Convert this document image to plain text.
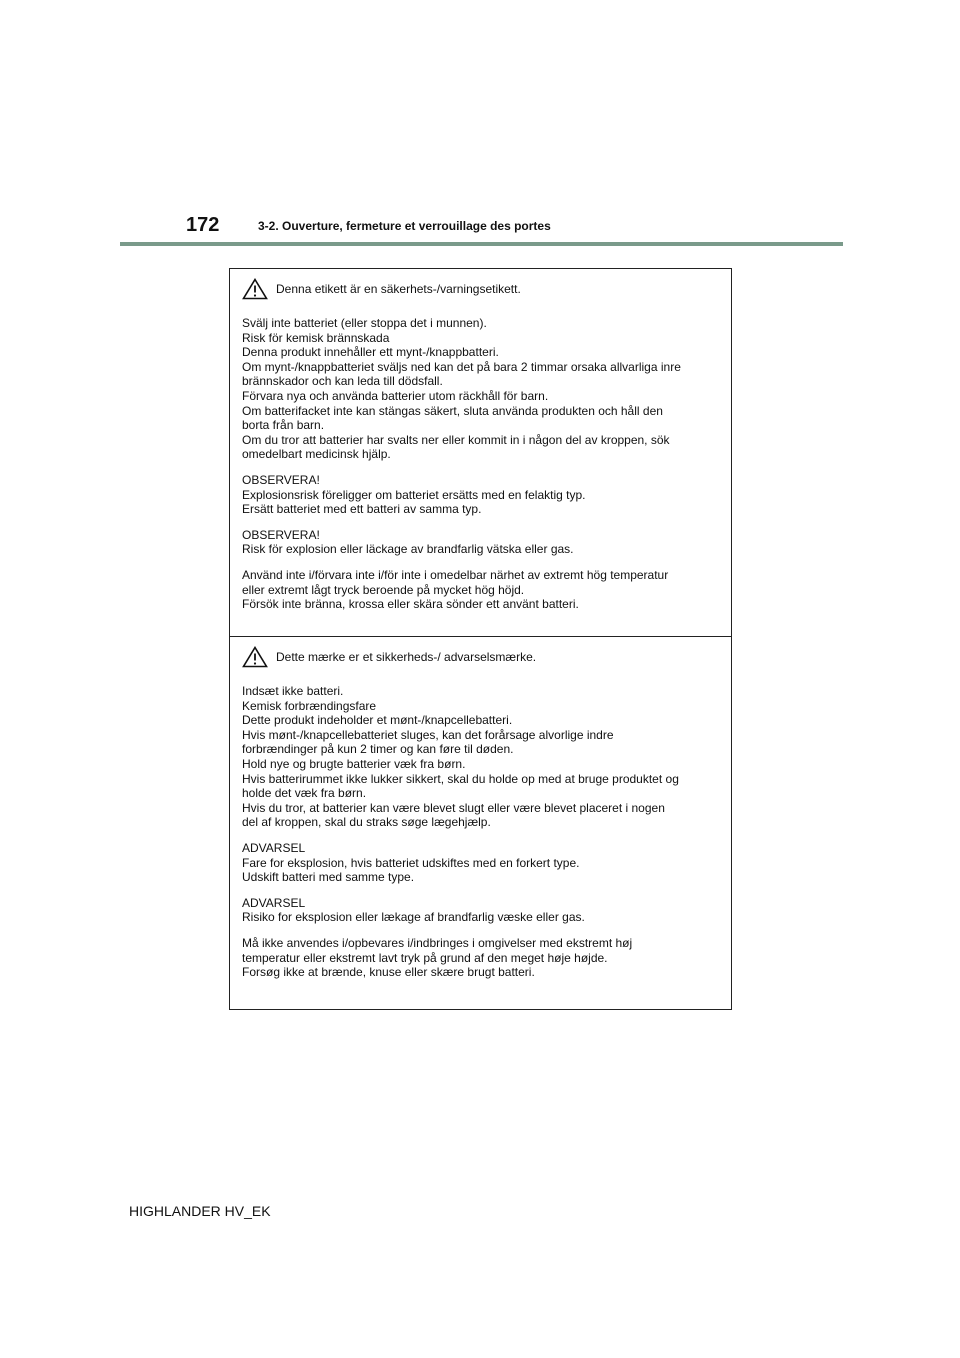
172	3-2. Ouverture, fermeture et verrouillage des portes
Denna etikett är en säkerhets-/varningsetikett.
Svälj inte batteriet (eller stoppa det i munnen).
Risk för kemisk brännskada
Denna produkt innehåller ett mynt-/knappbatteri.
Om mynt-/knappbatteriet sväljs ned kan det på bara 2 timmar orsaka allvarliga inre
brännskador och kan leda till dödsfall.
Förvara nya och använda batterier utom räckhåll för barn.
Om batterifacket inte kan stängas säkert, sluta använda produkten och håll den
borta från barn.
Om du tror att batterier har svalts ner eller kommit in i någon del av kroppen, sök
omedelbart medicinsk hjälp.
OBSERVERA!
Explosionsrisk föreligger om batteriet ersätts med en felaktig typ.
Ersätt batteriet med ett batteri av samma typ.
OBSERVERA!
Risk för explosion eller läckage av brandfarlig vätska eller gas.
Använd inte i/förvara inte i/för inte i omedelbar närhet av extremt hög temperatur
eller extremt lågt tryck beroende på mycket hög höjd.
Försök inte bränna, krossa eller skära sönder ett använt batteri.
Dette mærke er et sikkerheds-/ advarselsmærke.
Indsæt ikke batteri.
Kemisk forbrændingsfare
Dette produkt indeholder et mønt-/knapcellebatteri.
Hvis mønt-/knapcellebatteriet sluges, kan det forårsage alvorlige indre
forbrændinger på kun 2 timer og kan føre til døden.
Hold nye og brugte batterier væk fra børn.
Hvis batterirummet ikke lukker sikkert, skal du holde op med at bruge produktet og
holde det væk fra børn.
Hvis du tror, at batterier kan være blevet slugt eller være blevet placeret i nogen
del af kroppen, skal du straks søge lægehjælp.
ADVARSEL
Fare for eksplosion, hvis batteriet udskiftes med en forkert type.
Udskift batteri med samme type.
ADVARSEL
Risiko for eksplosion eller lækage af brandfarlig væske eller gas.
Må ikke anvendes i/opbevares i/indbringes i omgivelser med ekstremt høj
temperatur eller ekstremt lavt tryk på grund af den meget høje højde.
Forsøg ikke at brænde, knuse eller skære brugt batteri.
HIGHLANDER HV_EK
